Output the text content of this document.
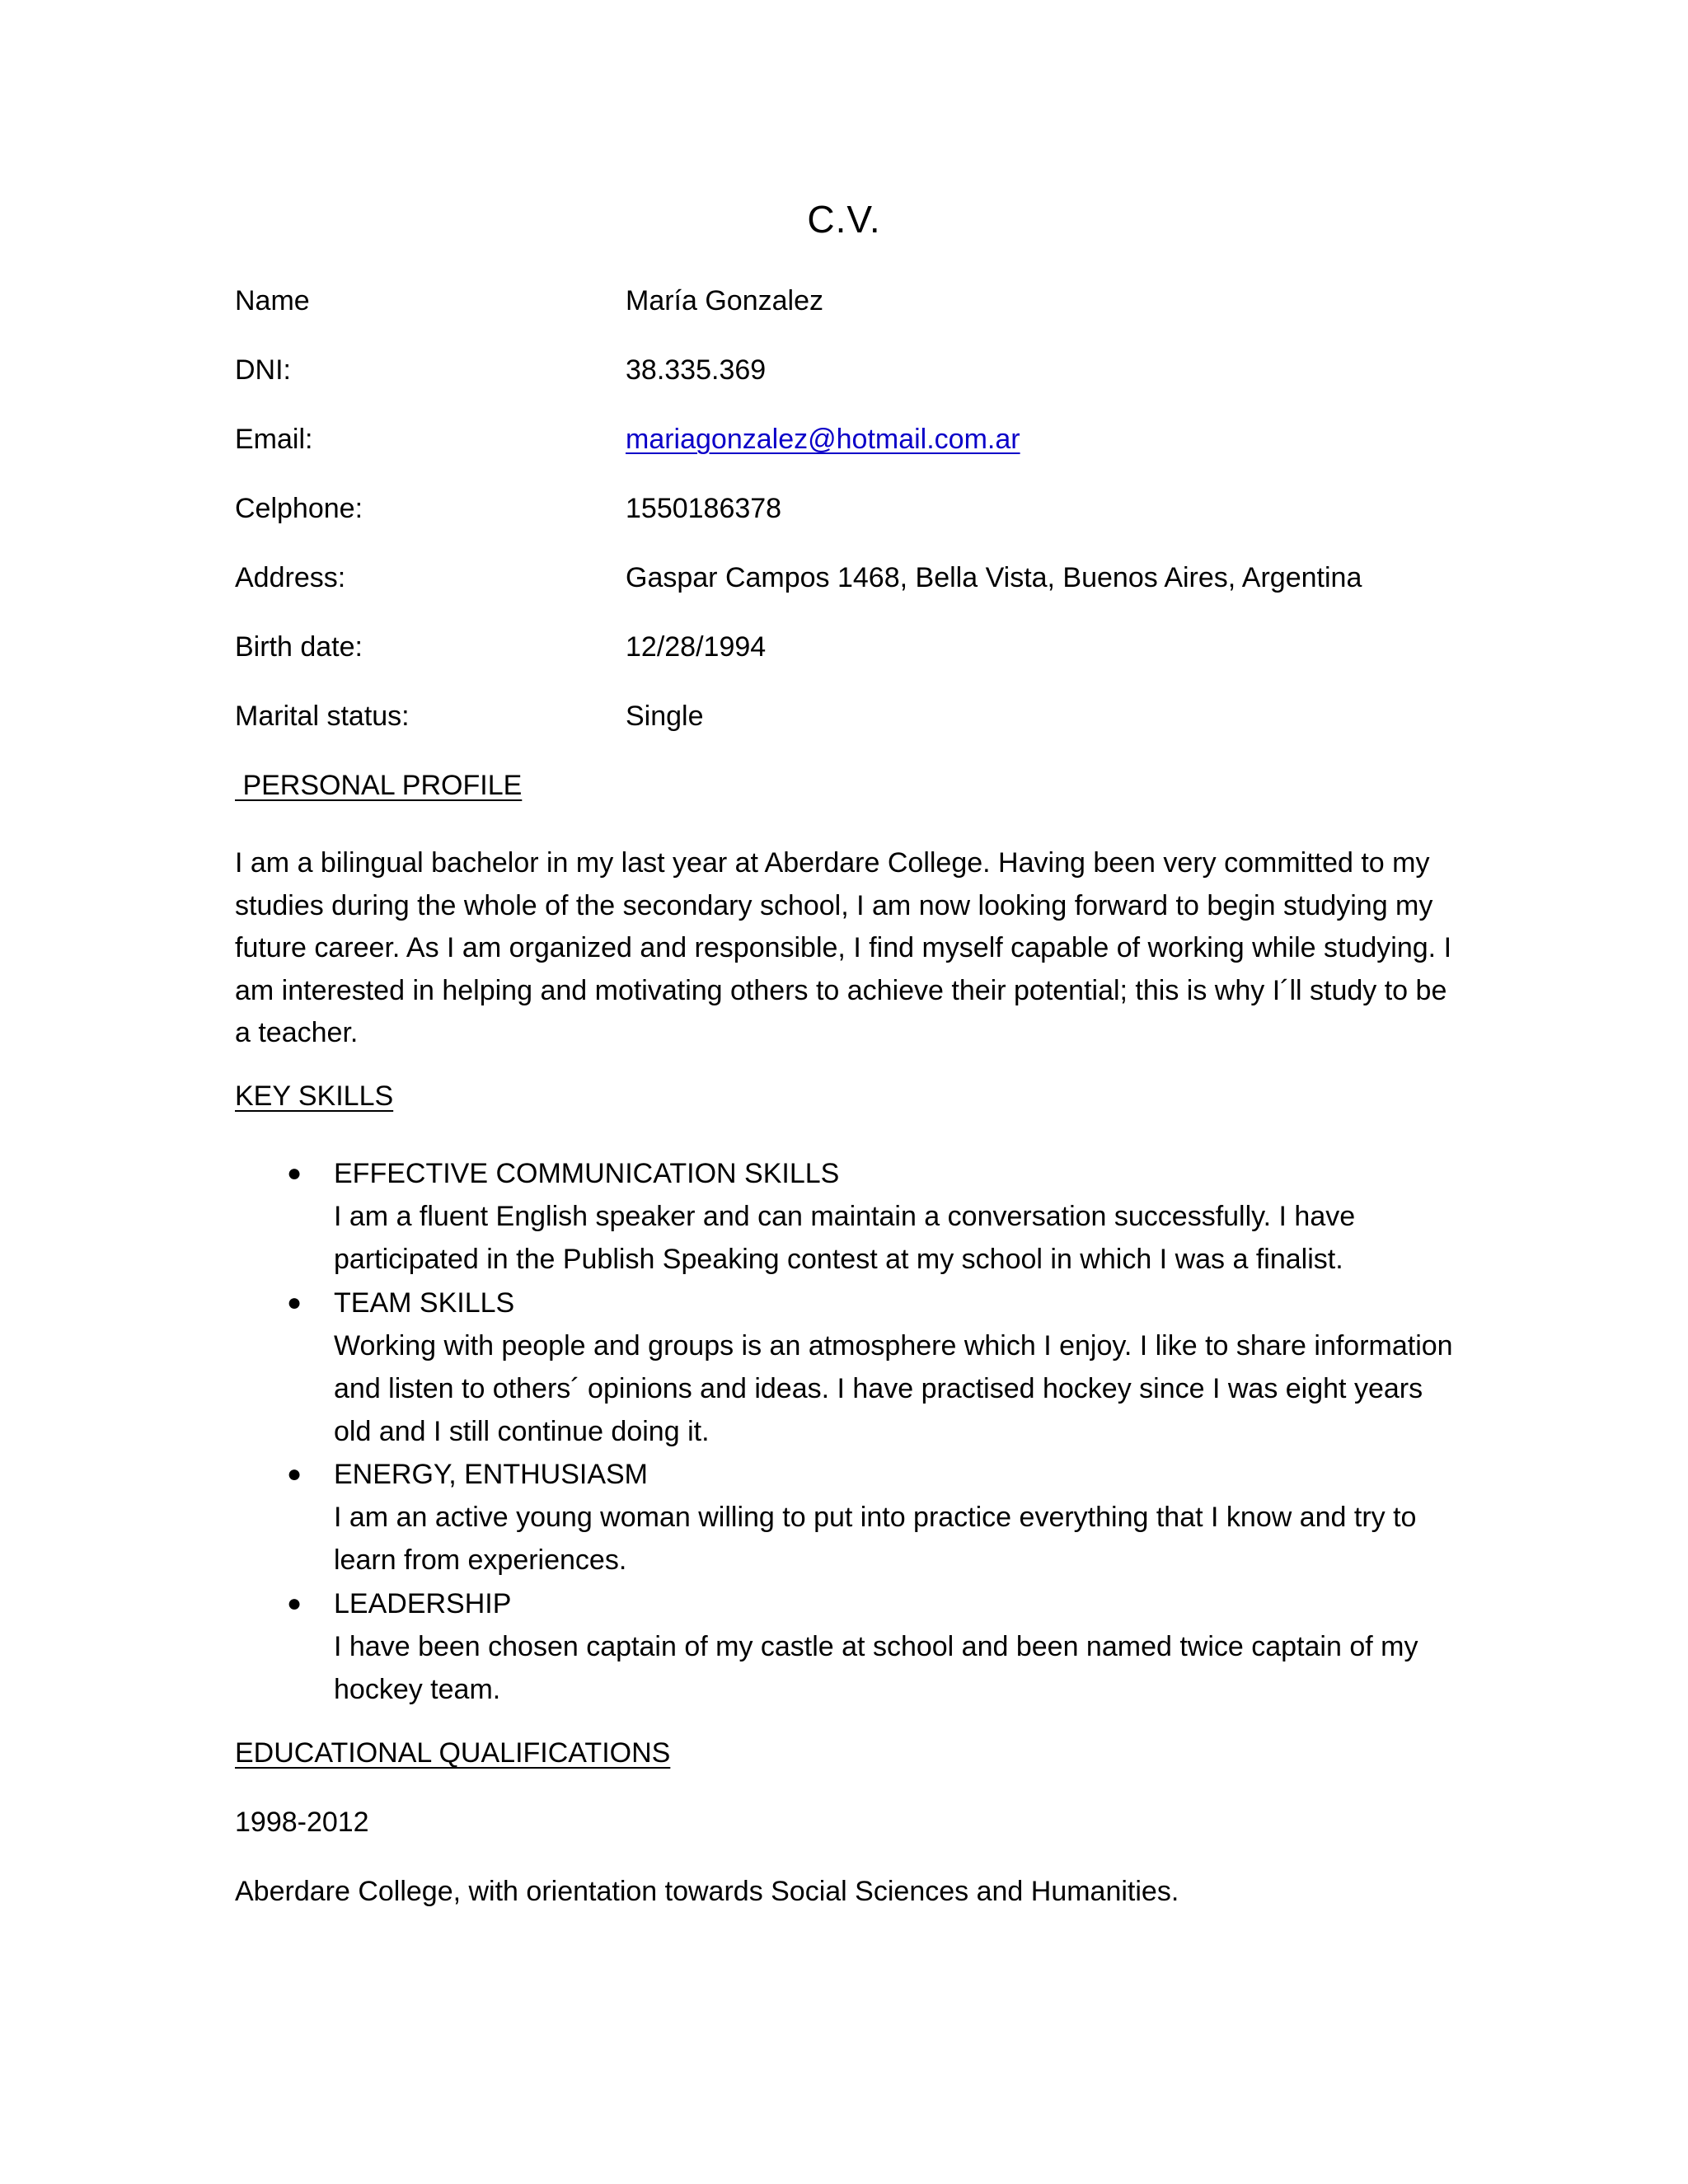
C.V.
Name	María Gonzalez
DNI:	38.335.369
Email:	mariagonzalez@hotmail.com.ar
Celphone:	1550186378
Address:	Gaspar Campos 1468, Bella Vista, Buenos Aires, Argentina
Birth date:	12/28/1994
Marital status:	Single
PERSONAL PROFILE
I am a bilingual bachelor in my last year at Aberdare College. Having been very committed to my studies during the whole of the secondary school, I am now looking forward to begin studying my future career. As I am organized and responsible, I find myself capable of working while studying. I am interested in helping and motivating others to achieve their potential; this is why I´ll study to be a teacher.
KEY SKILLS
● EFFECTIVE COMMUNICATION SKILLS
I am a fluent English speaker and can maintain a conversation successfully. I have participated in the Publish Speaking contest at my school in which I was a finalist.
● TEAM SKILLS
Working with people and groups is an atmosphere which I enjoy. I like to share information and listen to others´ opinions and ideas. I have practised hockey since I was eight years old and I still continue doing it.
● ENERGY, ENTHUSIASM
I am an active young woman willing to put into practice everything that I know and try to learn from experiences.
● LEADERSHIP
I have been chosen captain of my castle at school and been named twice captain of my hockey team.
EDUCATIONAL QUALIFICATIONS
1998-2012
Aberdare College, with orientation towards Social Sciences and Humanities.
